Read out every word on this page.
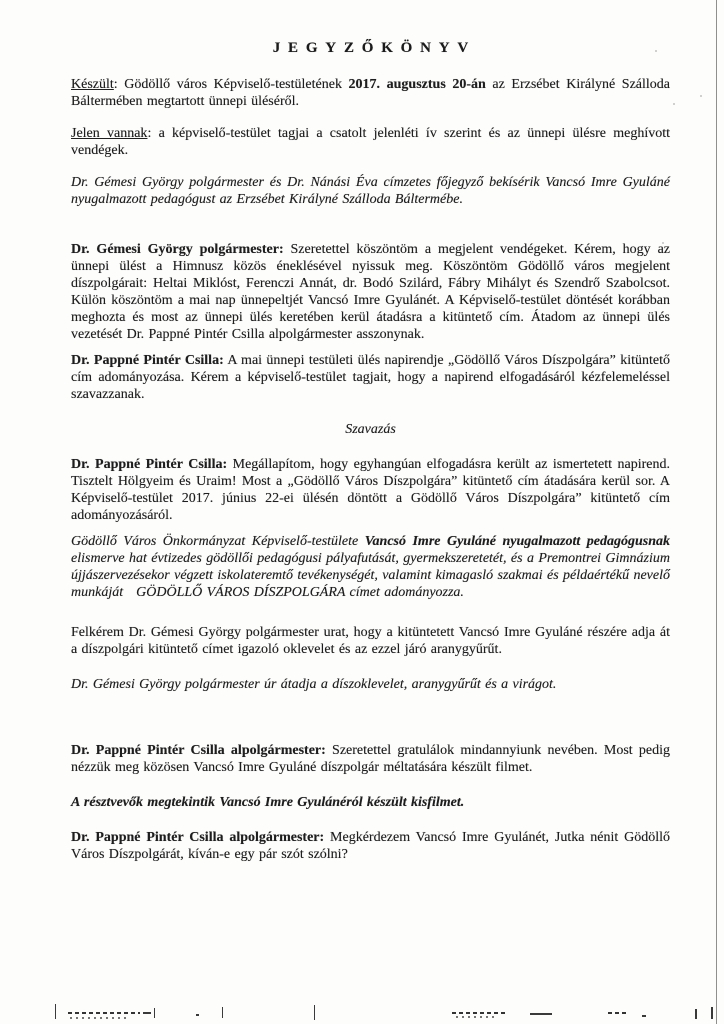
JEGYZŐKÖNYV

Készült: Gödöllő város Képviselő-testületének 2017. augusztus 20-án az Erzsébet Királyné Szálloda Báltermében megtartott ünnepi üléséről.

Jelen vannak: a képviselő-testület tagjai a csatolt jelenléti ív szerint és az ünnepi ülésre meghívott vendégek.

Dr. Gémesi György polgármester és Dr. Nánási Éva címzetes főjegyző bekísérik Vancsó Imre Gyuláné nyugalmazott pedagógust az Erzsébet Királyné Szálloda Báltermébe.

Dr. Gémesi György polgármester: Szeretettel köszöntöm a megjelent vendégeket. Kérem, hogy az ünnepi ülést a Himnusz közös éneklésével nyissuk meg. Köszöntöm Gödöllő város megjelent díszpolgárait: Heltai Miklóst, Ferenczi Annát, dr. Bodó Szilárd, Fábry Mihályt és Szendrő Szabolcsot. Külön köszöntöm a mai nap ünnepeltjét Vancsó Imre Gyulánét. A Képviselő-testület döntését korábban meghozta és most az ünnepi ülés keretében kerül átadásra a kitüntető cím. Átadom az ünnepi ülés vezetését Dr. Pappné Pintér Csilla alpolgármester asszonynak.

Dr. Pappné Pintér Csilla: A mai ünnepi testületi ülés napirendje „Gödöllő Város Díszpolgára” kitüntető cím adományozása. Kérem a képviselő-testület tagjait, hogy a napirend elfogadásáról kézfelemeléssel szavazzanak.

Szavazás

Dr. Pappné Pintér Csilla: Megállapítom, hogy egyhangúan elfogadásra került az ismertetett napirend. Tisztelt Hölgyeim és Uraim! Most a „Gödöllő Város Díszpolgára” kitüntető cím átadására kerül sor. A Képviselő-testület 2017. június 22-ei ülésén döntött a Gödöllő Város Díszpolgára” kitüntető cím adományozásáról.

Gödöllő Város Önkormányzat Képviselő-testülete Vancsó Imre Gyuláné nyugalmazott pedagógusnak elismerve hat évtizedes gödöllői pedagógusi pályafutását, gyermekszeretetét, és a Premontrei Gimnázium újjászervezésekor végzett iskolateremtő tevékenységét, valamint kimagasló szakmai és példaértékű nevelő munkáját   GÖDÖLLŐ VÁROS DÍSZPOLGÁRA címet adományozza.

Felkérem Dr. Gémesi György polgármester urat, hogy a kitüntetett Vancsó Imre Gyuláné részére adja át a díszpolgári kitüntető címet igazoló oklevelet és az ezzel járó aranygyűrűt.

Dr. Gémesi György polgármester úr átadja a díszoklevelet, aranygyűrűt és a virágot.

Dr. Pappné Pintér Csilla alpolgármester: Szeretettel gratulálok mindannyiunk nevében. Most pedig nézzük meg közösen Vancsó Imre Gyuláné díszpolgár méltatására készült filmet.

A résztvevők megtekintik Vancsó Imre Gyulánéról készült kisfilmet.

Dr. Pappné Pintér Csilla alpolgármester: Megkérdezem Vancsó Imre Gyulánét, Jutka nénit Gödöllő Város Díszpolgárát, kíván-e egy pár szót szólni?
